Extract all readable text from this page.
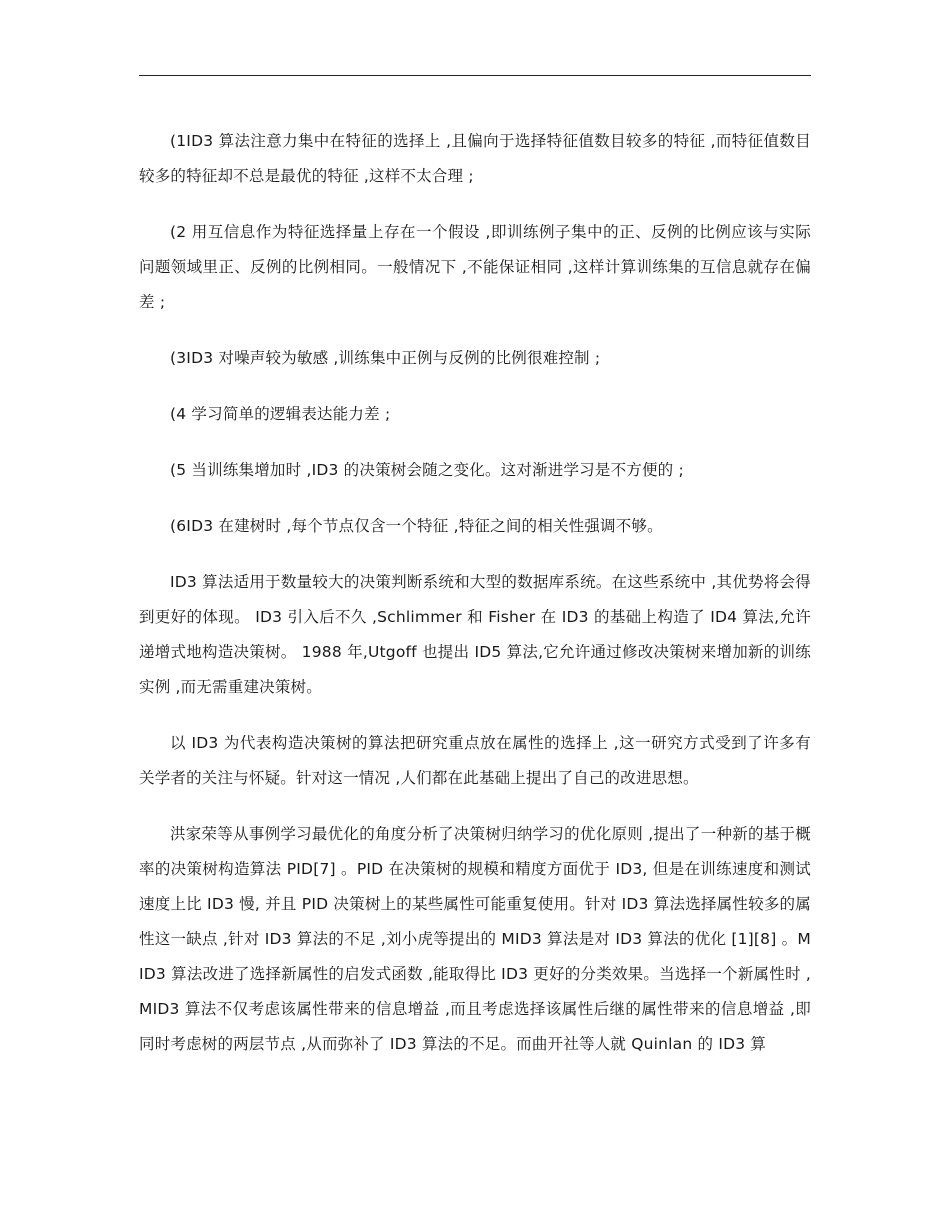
(1ID3 算法注意力集中在特征的选择上 ,且偏向于选择特征值数目较多的特征 ,而特征值数目较多的特征却不总是最优的特征 ,这样不太合理 ;

(2 用互信息作为特征选择量上存在一个假设 ,即训练例子集中的正、反例的比例应该与实际问题领域里正、反例的比例相同。一般情况下 ,不能保证相同 ,这样计算训练集的互信息就存在偏差 ;

(3ID3 对噪声较为敏感 ,训练集中正例与反例的比例很难控制 ;

(4 学习简单的逻辑表达能力差 ;

(5 当训练集增加时 ,ID3 的决策树会随之变化。这对渐进学习是不方便的 ;

(6ID3 在建树时 ,每个节点仅含一个特征 ,特征之间的相关性强调不够。

ID3 算法适用于数量较大的决策判断系统和大型的数据库系统。在这些系统中 ,其优势将会得到更好的体现。 ID3 引入后不久 ,Schlimmer 和 Fisher 在 ID3 的基础上构造了 ID4 算法,允许递增式地构造决策树。 1988 年,Utgoff 也提出 ID5 算法,它允许通过修改决策树来增加新的训练实例 ,而无需重建决策树。

以 ID3 为代表构造决策树的算法把研究重点放在属性的选择上 ,这一研究方式受到了许多有关学者的关注与怀疑。针对这一情况 ,人们都在此基础上提出了自己的改进思想。

洪家荣等从事例学习最优化的角度分析了决策树归纳学习的优化原则 ,提出了一种新的基于概率的决策树构造算法 PID[7] 。PID 在决策树的规模和精度方面优于 ID3, 但是在训练速度和测试速度上比 ID3 慢, 并且 PID 决策树上的某些属性可能重复使用。针对 ID3 算法选择属性较多的属性这一缺点 ,针对 ID3 算法的不足 ,刘小虎等提出的 MID3 算法是对 ID3 算法的优化 [1][8] 。MID3 算法改进了选择新属性的启发式函数 ,能取得比 ID3 更好的分类效果。当选择一个新属性时 ,MID3 算法不仅考虑该属性带来的信息增益 ,而且考虑选择该属性后继的属性带来的信息增益 ,即同时考虑树的两层节点 ,从而弥补了 ID3 算法的不足。而曲开社等人就 Quinlan 的 ID3 算
